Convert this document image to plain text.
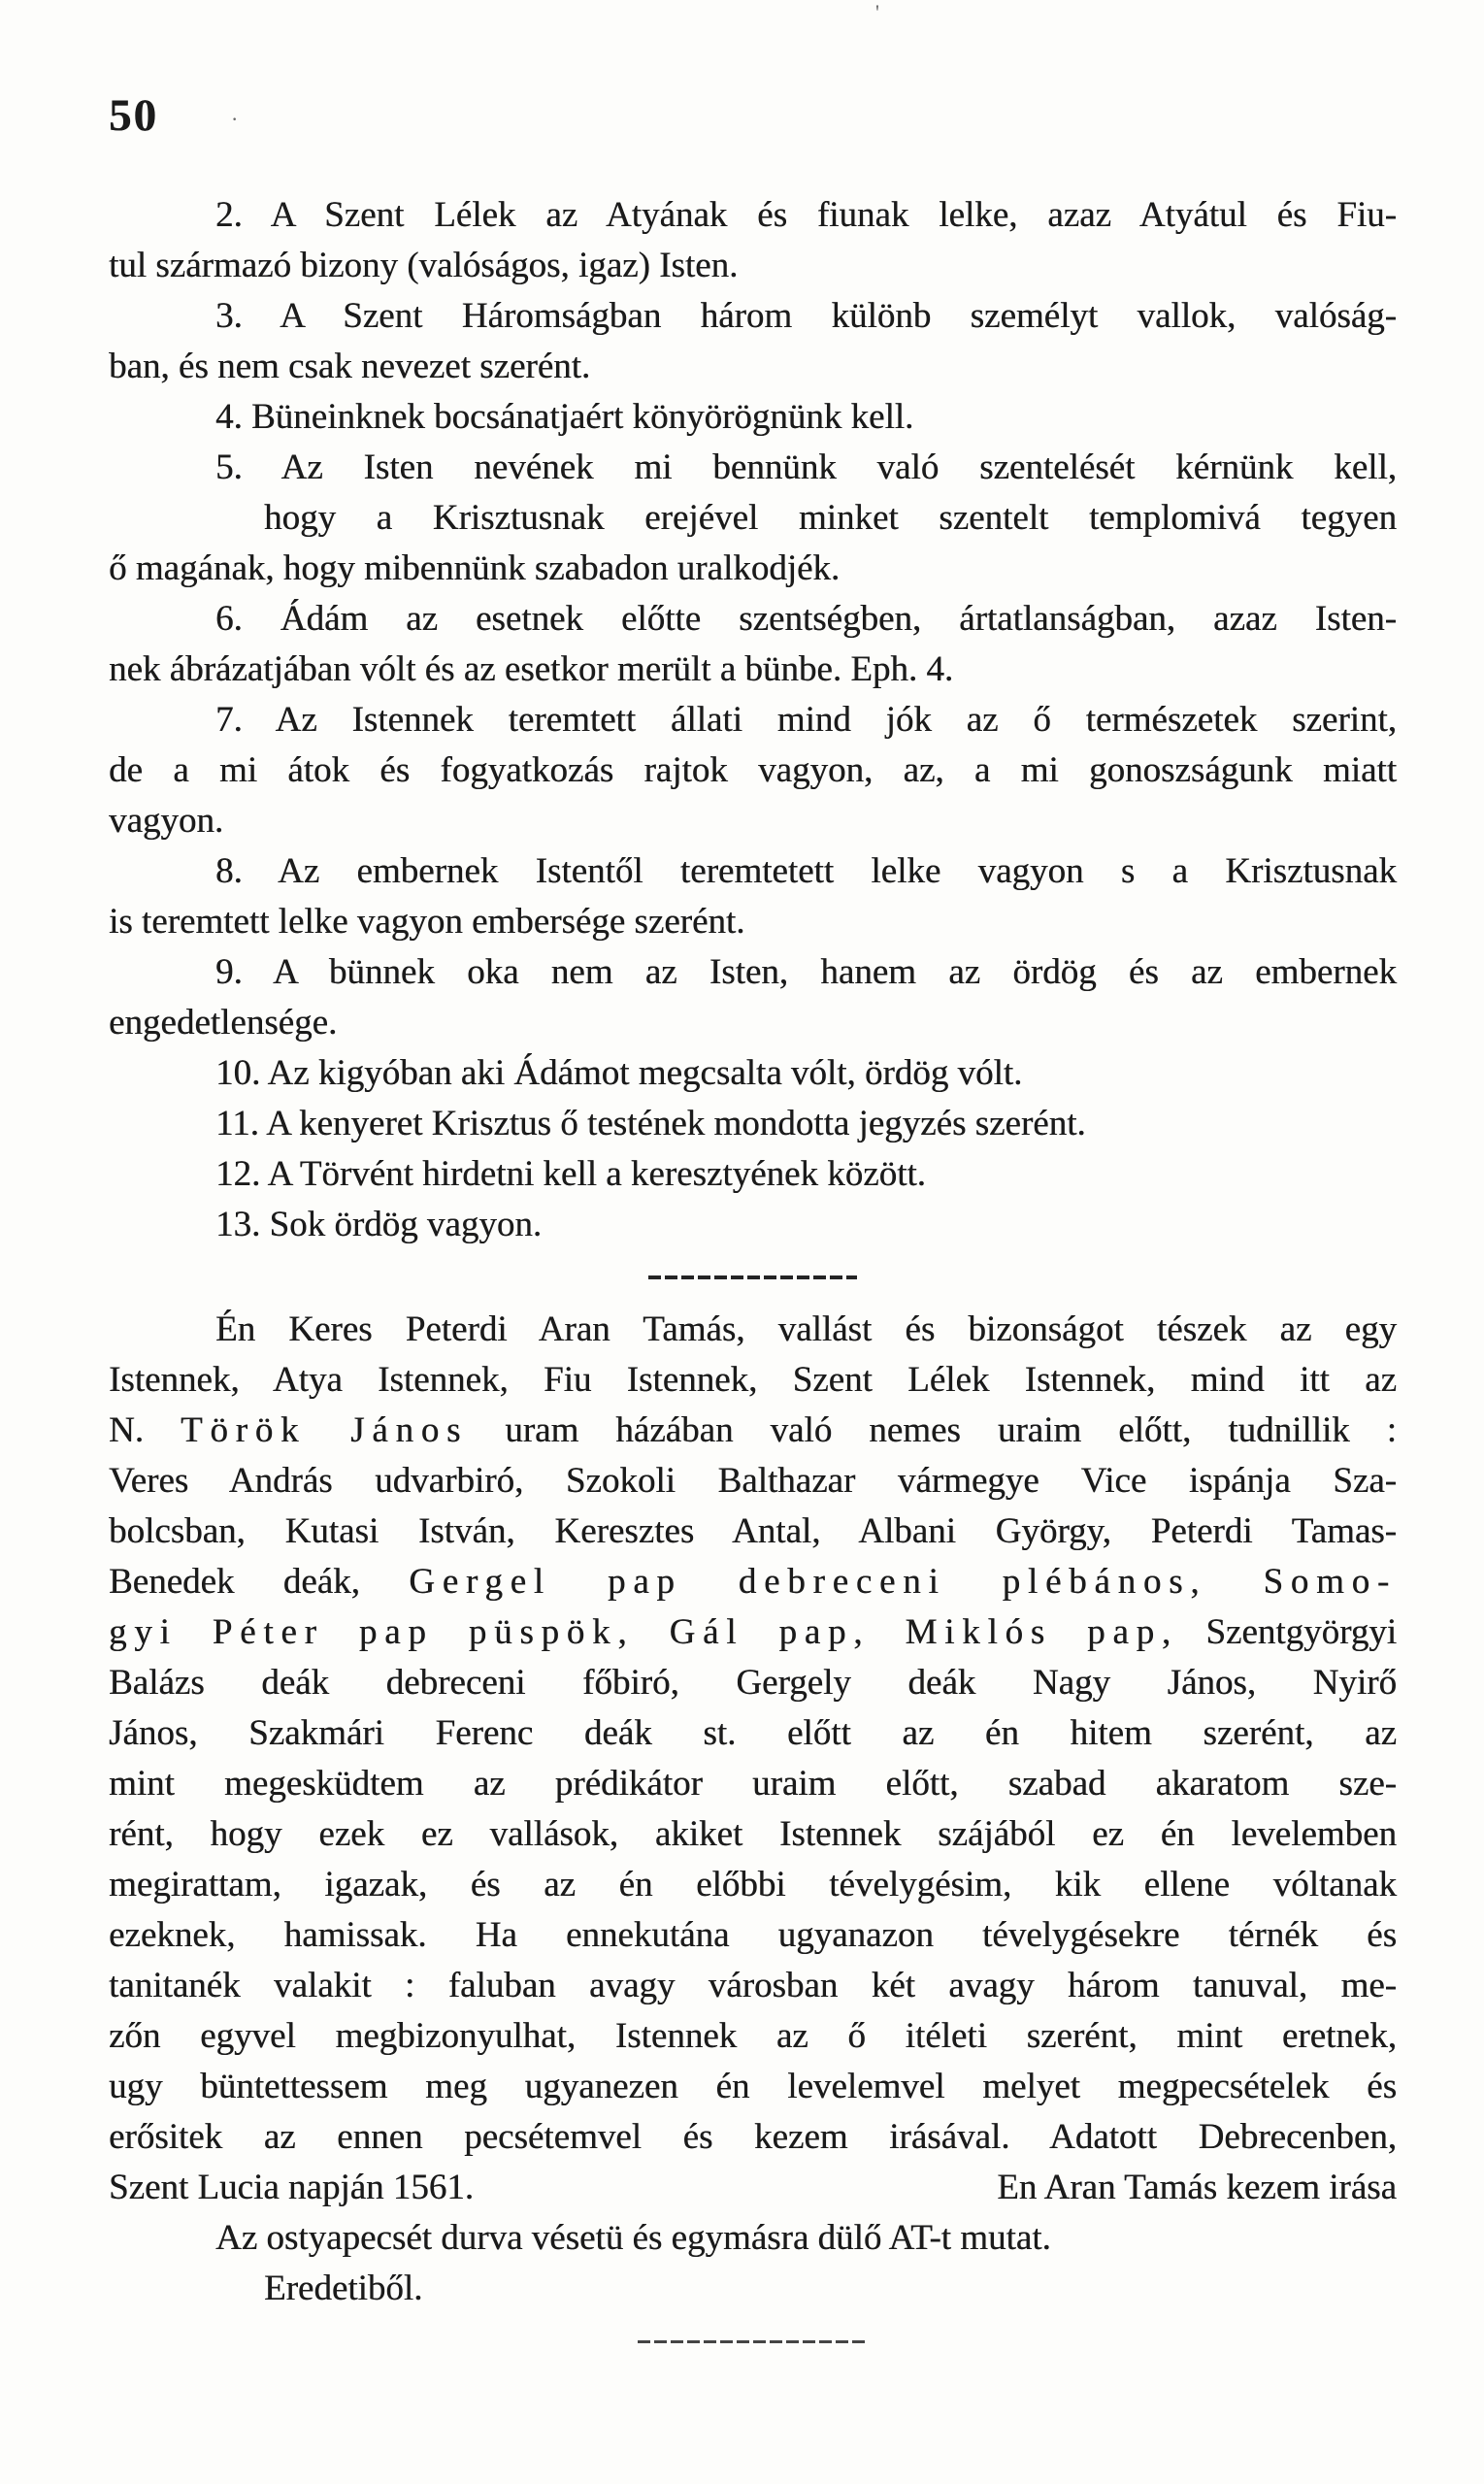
50
2. A Szent Lélek az Atyának és fiunak lelke, azaz Atyátul és Fiu-
tul származó bizony (valóságos, igaz) Isten.
3. A Szent Háromságban három különb személyt vallok, valóság-
ban, és nem csak nevezet szerént.
4. Büneinknek bocsánatjaért könyörögnünk kell.
5. Az Isten nevének mi bennünk való szentelését kérnünk kell,
hogy a Krisztusnak erejével minket szentelt templomivá tegyen
ő magának, hogy mibennünk szabadon uralkodjék.
6. Ádám az esetnek előtte szentségben, ártatlanságban, azaz Isten-
nek ábrázatjában vólt és az esetkor merült a bünbe. Eph. 4.
7. Az Istennek teremtett állati mind jók az ő természetek szerint,
de a mi átok és fogyatkozás rajtok vagyon, az, a mi gonoszságunk miatt
vagyon.
8. Az embernek Istentől teremtetett lelke vagyon s a Krisztusnak
is teremtett lelke vagyon embersége szerént.
9. A bünnek oka nem az Isten, hanem az ördög és az embernek
engedetlensége.
10. Az kigyóban aki Ádámot megcsalta vólt, ördög vólt.
11. A kenyeret Krisztus ő testének mondotta jegyzés szerént.
12. A Törvént hirdetni kell a keresztyének között.
13. Sok ördög vagyon.
Én Keres Peterdi Aran Tamás, vallást és bizonságot tészek az egy
Istennek, Atya Istennek, Fiu Istennek, Szent Lélek Istennek, mind itt az
N. Török János uram házában való nemes uraim előtt, tudnillik :
Veres András udvarbiró, Szokoli Balthazar vármegye Vice ispánja Sza-
bolcsban, Kutasi István, Keresztes Antal, Albani György, Peterdi Tamas-
Benedek deák, Gergel pap debreceni plébános, Somo-
gyi Péter pap püspök, Gál pap, Miklós pap, Szentgyörgyi
Balázs deák debreceni főbiró, Gergely deák Nagy János, Nyirő
János, Szakmári Ferenc deák st. előtt az én hitem szerént, az
mint megesküdtem az prédikátor uraim előtt, szabad akaratom sze-
rént, hogy ezek ez vallások, akiket Istennek szájából ez én levelemben
megirattam, igazak, és az én előbbi tévelygésim, kik ellene vóltanak
ezeknek, hamissak. Ha ennekutána ugyanazon tévelygésekre térnék és
tanitanék valakit : faluban avagy városban két avagy három tanuval, me-
zőn egyvel megbizonyulhat, Istennek az ő itéleti szerént, mint eretnek,
ugy büntettessem meg ugyanezen én levelemvel melyet megpecsételek és
erősitek az ennen pecsétemvel és kezem irásával. Adatott Debrecenben,
Szent Lucia napján 1561.	En Aran Tamás kezem irása
Az ostyapecsét durva vésetü és egymásra dülő AT-t mutat.
Eredetiből.
·
'
